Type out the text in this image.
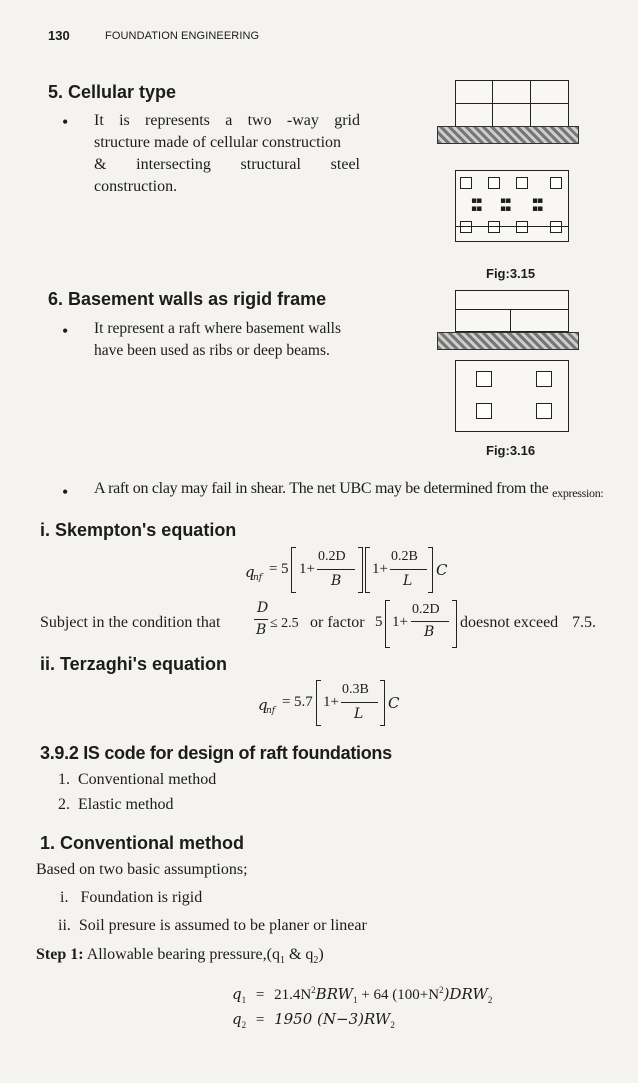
130	FOUNDATION ENGINEERING
5. Cellular type
• It is represents a two -way grid
structure made of cellular construction
& intersecting structural steel
construction.
▪▪
▪▪
▪▪
▪▪
▪▪
▪▪
Fig:3.15
6. Basement walls as rigid frame
• It represent a raft where basement walls
have been used as ribs or deep beams.
Fig:3.16
• A raft on clay may fail in shear. The net UBC may be determined from the $_{expression:}$
i. Skempton's equation
q
nf
= 5 1+
0.2D
B
1+
0.2B
L
C
Subject in the condition that
D
B ≤ 2.5 or factor 5 1+
0.2D
B
doesnot exceed 7.5.
ii. Terzaghi's equation
q
nf
= 5.7 1+
0.3B
L
C
3.9.2 IS code for design of raft foundations
1. Conventional method
2. Elastic method
1. Conventional method
Based on two basic assumptions;
i. Foundation is rigid
ii. Soil presure is assumed to be planer or linear
Step 1: Allowable bearing $pressure,(q_1$ & $q_2$)
$q_1 = 21.4N^2BRW_1 + 64$ $(100+N^2)DRW_2$
$q_2 = 1950$ $(N-3)RW_2$
